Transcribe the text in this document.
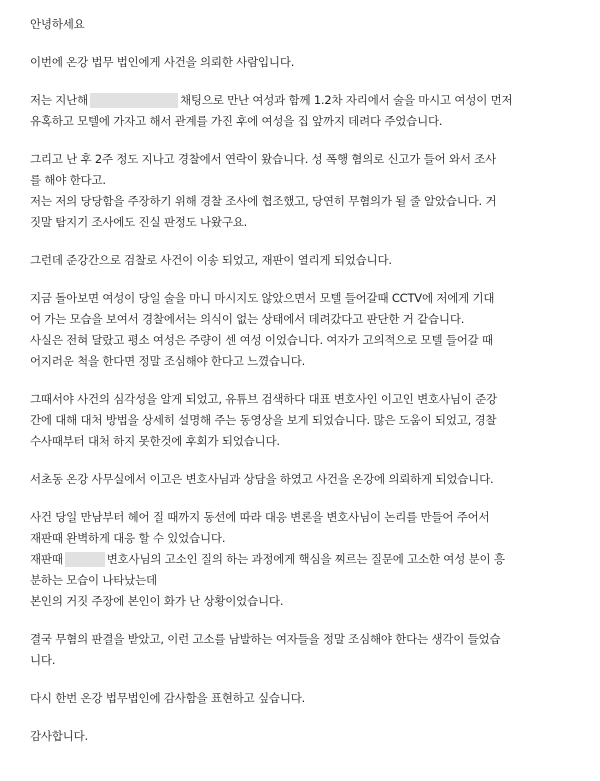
안녕하세요

이번에 온강 법무 법인에게 사건을 의뢰한 사람입니다.

저는 지난해	채팅으로 만난 여성과 함께 1.2차 자리에서 술을 마시고 여성이 먼저
유혹하고 모텔에 가자고 해서 관계를 가진 후에 여성을 집 앞까지 데려다 주었습니다.

그리고 난 후 2주 정도 지나고 경찰에서 연락이 왔습니다. 성 폭행 혐의로 신고가 들어 와서 조사
를 해야 한다고.
저는 저의 당당함을 주장하기 위해 경찰 조사에 협조했고, 당연히 무혐의가 될 줄 알았습니다. 거
짓말 탐지기 조사에도 진실 판정도 나왔구요.

그런데 준강간으로 검찰로 사건이 이송 되었고, 재판이 열리게 되었습니다.

지금 돌아보면 여성이 당일 술을 마니 마시지도 않았으면서 모텔 들어갈때 CCTV에 저에게 기대
어 가는 모습을 보여서 경찰에서는 의식이 없는 상태에서 데려갔다고 판단한 거 같습니다.
사실은 전혀 달랐고 평소 여성은 주량이 센 여성 이었습니다. 여자가 고의적으로 모텔 들어갈 때
어지러운 척을 한다면 정말 조심해야 한다고 느꼈습니다.

그때서야 사건의 심각성을 알게 되었고, 유튜브 검색하다 대표 변호사인 이고인 변호사님이 준강
간에 대해 대처 방법을 상세히 설명해 주는 동영상을 보게 되었습니다. 많은 도움이 되었고, 경찰
수사때부터 대처 하지 못한것에 후회가 되었습니다.

서초동 온강 사무실에서 이고은 변호사님과 상담을 하였고 사건을 온강에 의뢰하게 되었습니다.

사건 당일 만남부터 헤어 질 때까지 동선에 따라 대응 변론을 변호사님이 논리를 만들어 주어서
재판때 완벽하게 대응 할 수 있었습니다.
재판때	변호사님의 고소인 질의 하는 과정에게 핵심을 찌르는 질문에 고소한 여성 분이 흥
분하는 모습이 나타났는데
본인의 거짓 주장에 본인이 화가 난 상황이었습니다.

결국 무혐의 판결을 받았고, 이런 고소를 남발하는 여자들을 정말 조심해야 한다는 생각이 들었습
니다.

다시 한번 온강 법무법인에 감사함을 표현하고 싶습니다.

감사합니다.
